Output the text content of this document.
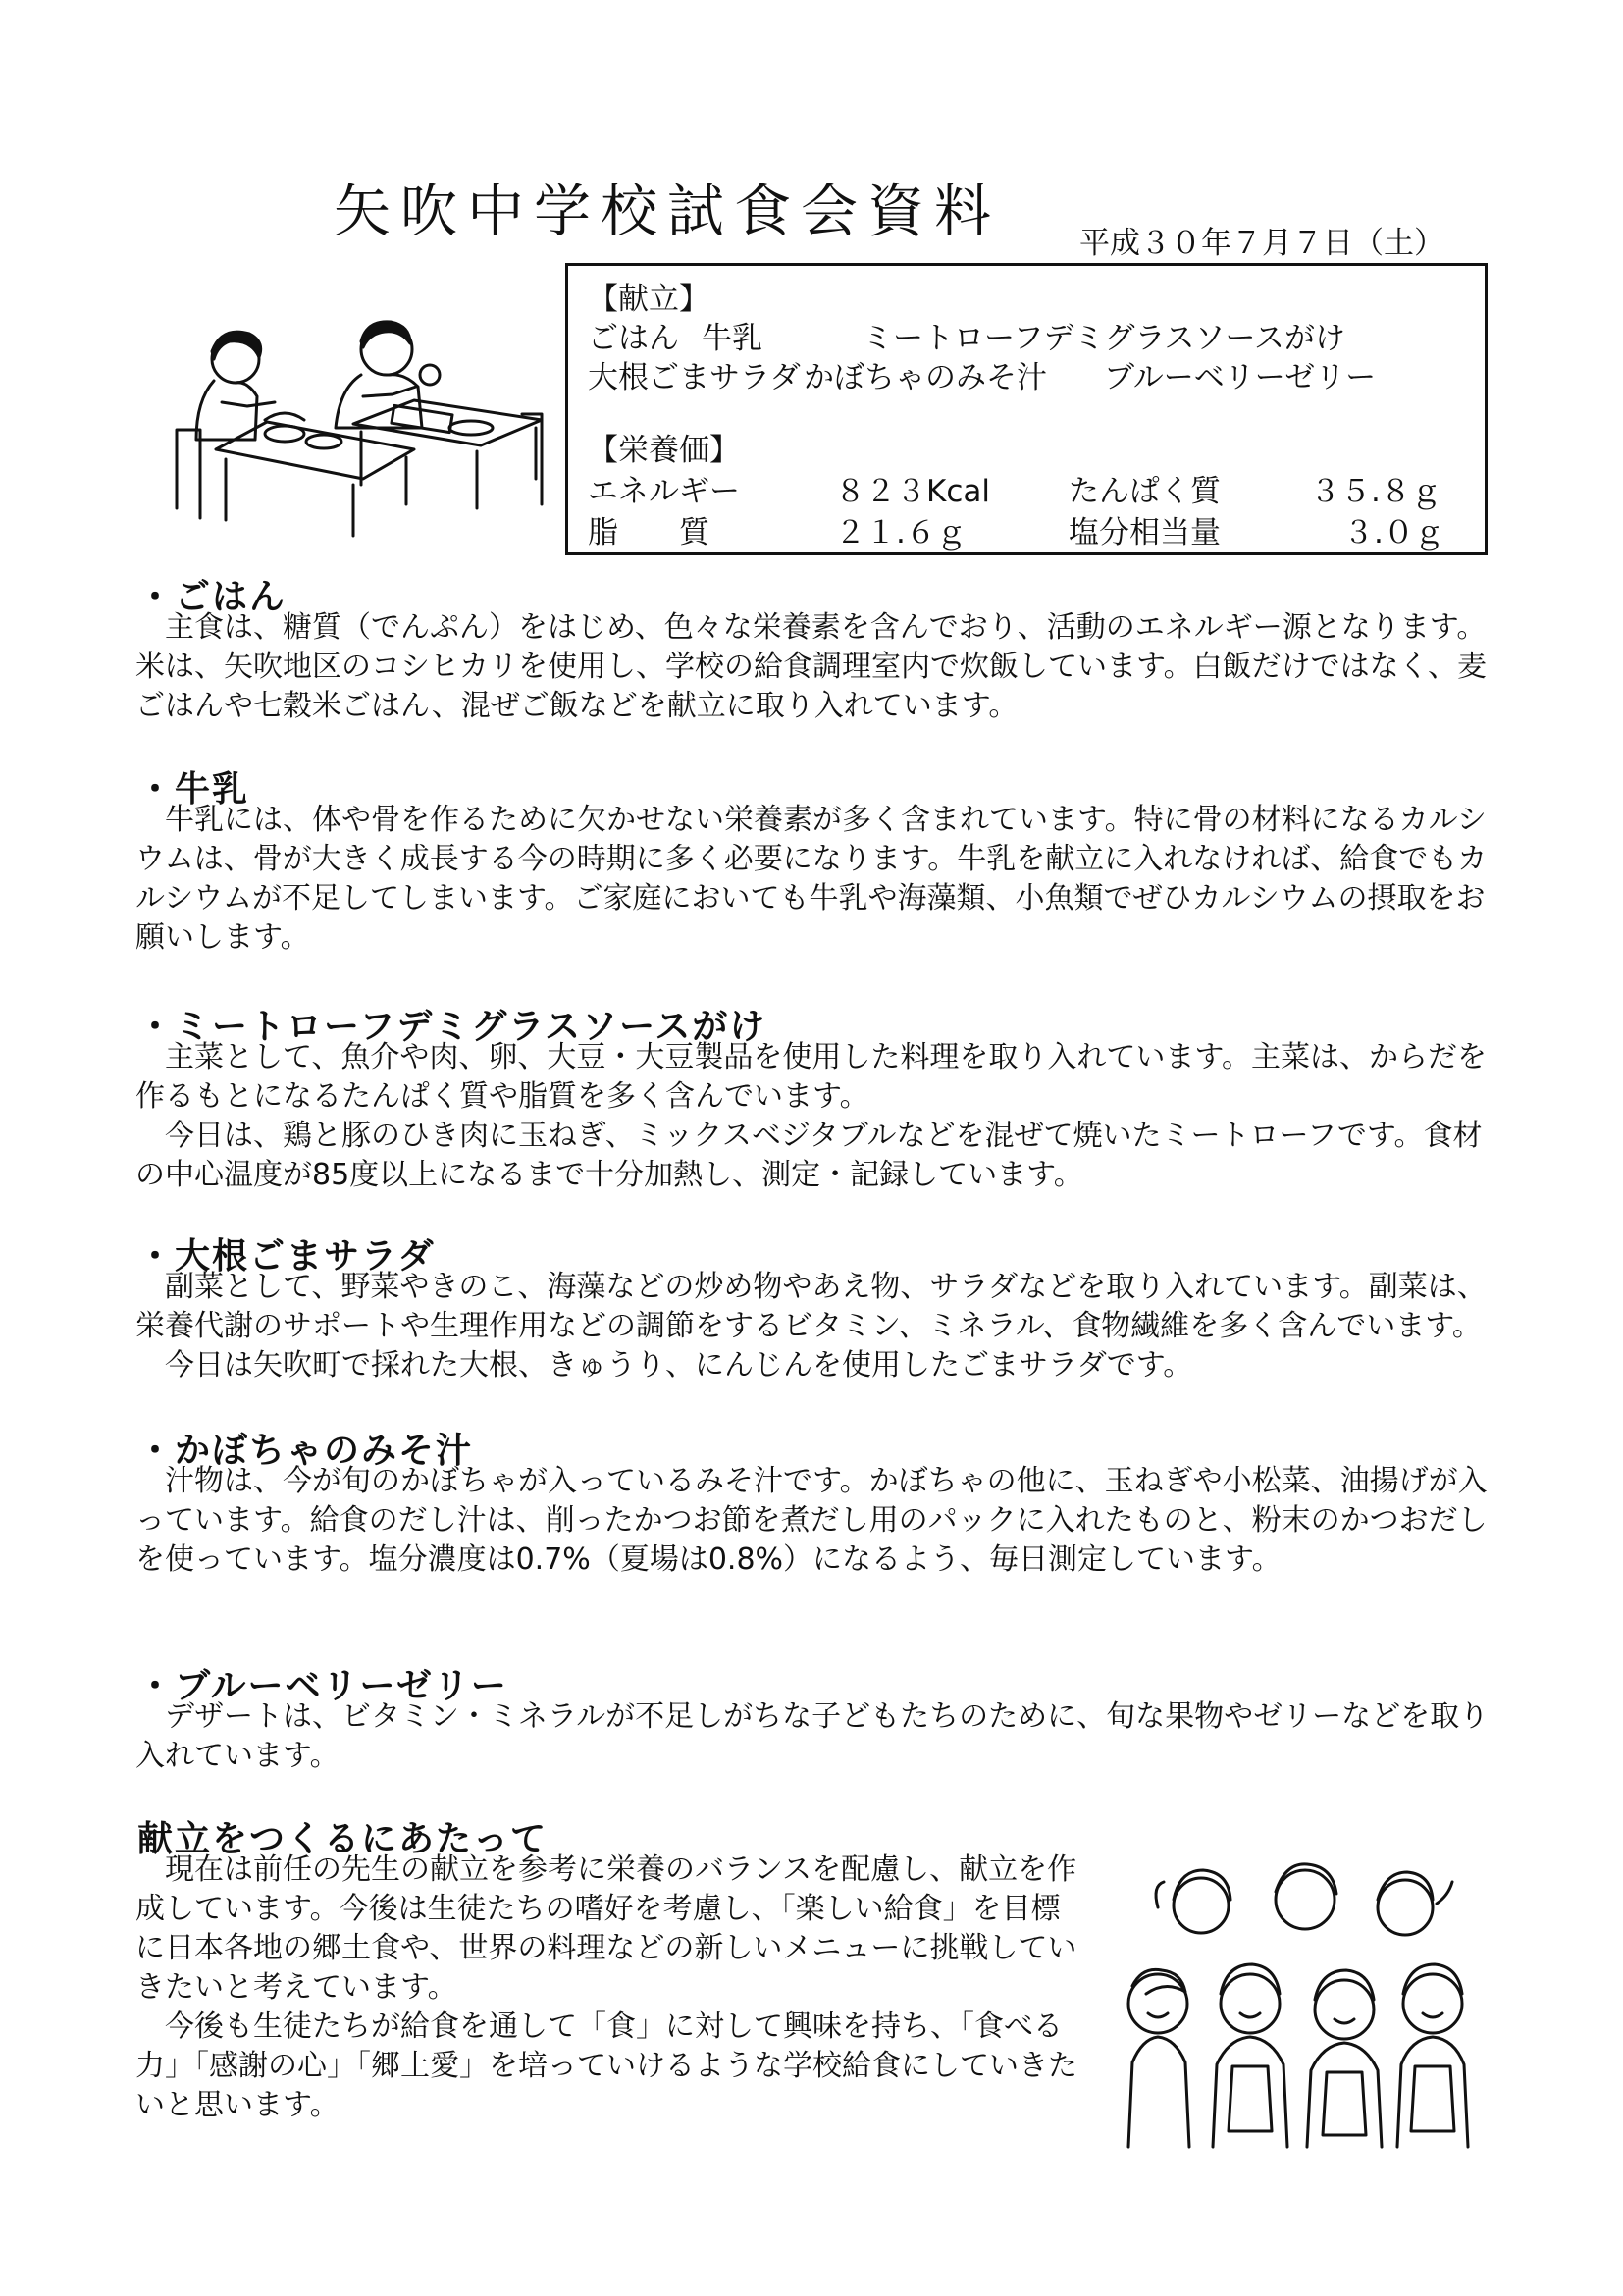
矢吹中学校試食会資料	平成３０年７月７日（土）
【献立】
ごはん 牛乳	ミートローフデミグラスソースがけ
大根ごまサラダ かぼちゃのみそ汁 ブルーベリーゼリー
【栄養価】
エネルギー	８２３Kcal	たんぱく質	３５.８ｇ
脂　　質	２１.６ｇ	塩分相当量	３.０ｇ
・ごはん

主食は、糖質（でんぷん）をはじめ、色々な栄養素を含んでおり、活動のエネルギー源となります。米は、矢吹地区のコシヒカリを使用し、学校の給食調理室内で炊飯しています。白飯だけではなく、麦ごはんや七穀米ごはん、混ぜご飯などを献立に取り入れています。

・牛乳

牛乳には、体や骨を作るために欠かせない栄養素が多く含まれています。特に骨の材料になるカルシウムは、骨が大きく成長する今の時期に多く必要になります。牛乳を献立に入れなければ、給食でもカルシウムが不足してしまいます。ご家庭においても牛乳や海藻類、小魚類でぜひカルシウムの摂取をお願いします。

・ミートローフデミグラスソースがけ

主菜として、魚介や肉、卵、大豆・大豆製品を使用した料理を取り入れています。主菜は、からだを作るもとになるたんぱく質や脂質を多く含んでいます。

今日は、鶏と豚のひき肉に玉ねぎ、ミックスベジタブルなどを混ぜて焼いたミートローフです。食材の中心温度が85度以上になるまで十分加熱し、測定・記録しています。

・大根ごまサラダ

副菜として、野菜やきのこ、海藻などの炒め物やあえ物、サラダなどを取り入れています。副菜は、栄養代謝のサポートや生理作用などの調節をするビタミン、ミネラル、食物繊維を多く含んでいます。

今日は矢吹町で採れた大根、きゅうり、にんじんを使用したごまサラダです。

・かぼちゃのみそ汁

汁物は、今が旬のかぼちゃが入っているみそ汁です。かぼちゃの他に、玉ねぎや小松菜、油揚げが入っています。給食のだし汁は、削ったかつお節を煮だし用のパックに入れたものと、粉末のかつおだしを使っています。塩分濃度は0.7%（夏場は0.8%）になるよう、毎日測定しています。

・ブルーベリーゼリー

デザートは、ビタミン・ミネラルが不足しがちな子どもたちのために、旬な果物やゼリーなどを取り入れています。

献立をつくるにあたって

現在は前任の先生の献立を参考に栄養のバランスを配慮し、献立を作成しています。今後は生徒たちの嗜好を考慮し、「楽しい給食」を目標に日本各地の郷土食や、世界の料理などの新しいメニューに挑戦していきたいと考えています。

今後も生徒たちが給食を通して「食」に対して興味を持ち、「食べる力」「感謝の心」「郷土愛」を培っていけるような学校給食にしていきたいと思います。
